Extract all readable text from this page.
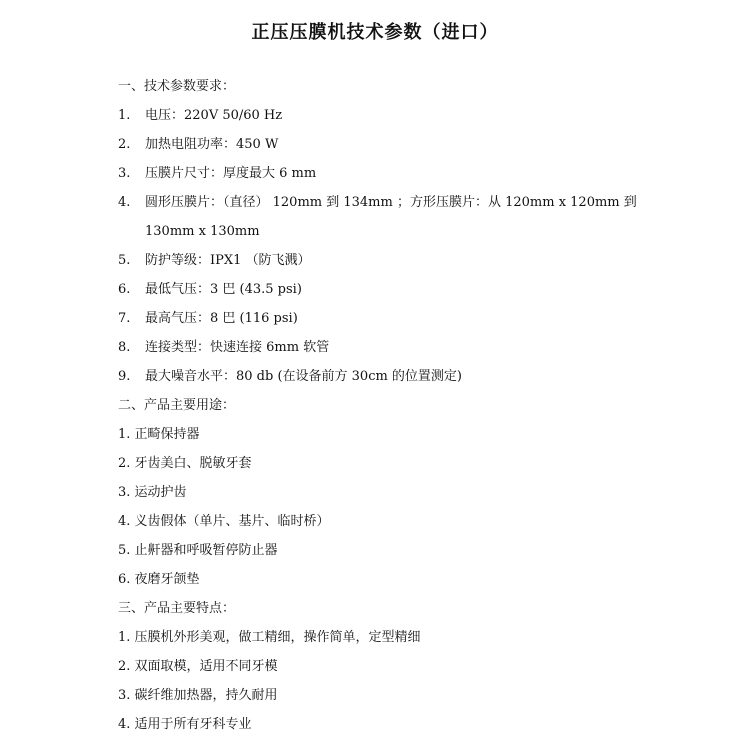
正压压膜机技术参数（进口）
一、技术参数要求：
1. 电压：220V 50/60 Hz
2. 加热电阻功率：450 W
3. 压膜片尺寸：厚度最大 6 mm
4. 圆形压膜片：（直径） 120mm 到 134mm ；方形压膜片：从 120mm x 120mm 到
130mm x 130mm
5. 防护等级：IPX1 （防飞溅）
6. 最低气压：3 巴 (43.5 psi)
7. 最高气压：8 巴 (116 psi)
8. 连接类型：快速连接 6mm 软管
9. 最大噪音水平：80 db (在设备前方 30cm 的位置测定)
二、产品主要用途：
1. 正畸保持器
2. 牙齿美白、脱敏牙套
3. 运动护齿
4. 义齿假体（单片、基片、临时桥）
5. 止鼾器和呼吸暂停防止器
6. 夜磨牙颌垫
三、产品主要特点：
1. 压膜机外形美观，做工精细，操作简单，定型精细
2. 双面取模，适用不同牙模
3. 碳纤维加热器，持久耐用
4. 适用于所有牙科专业
